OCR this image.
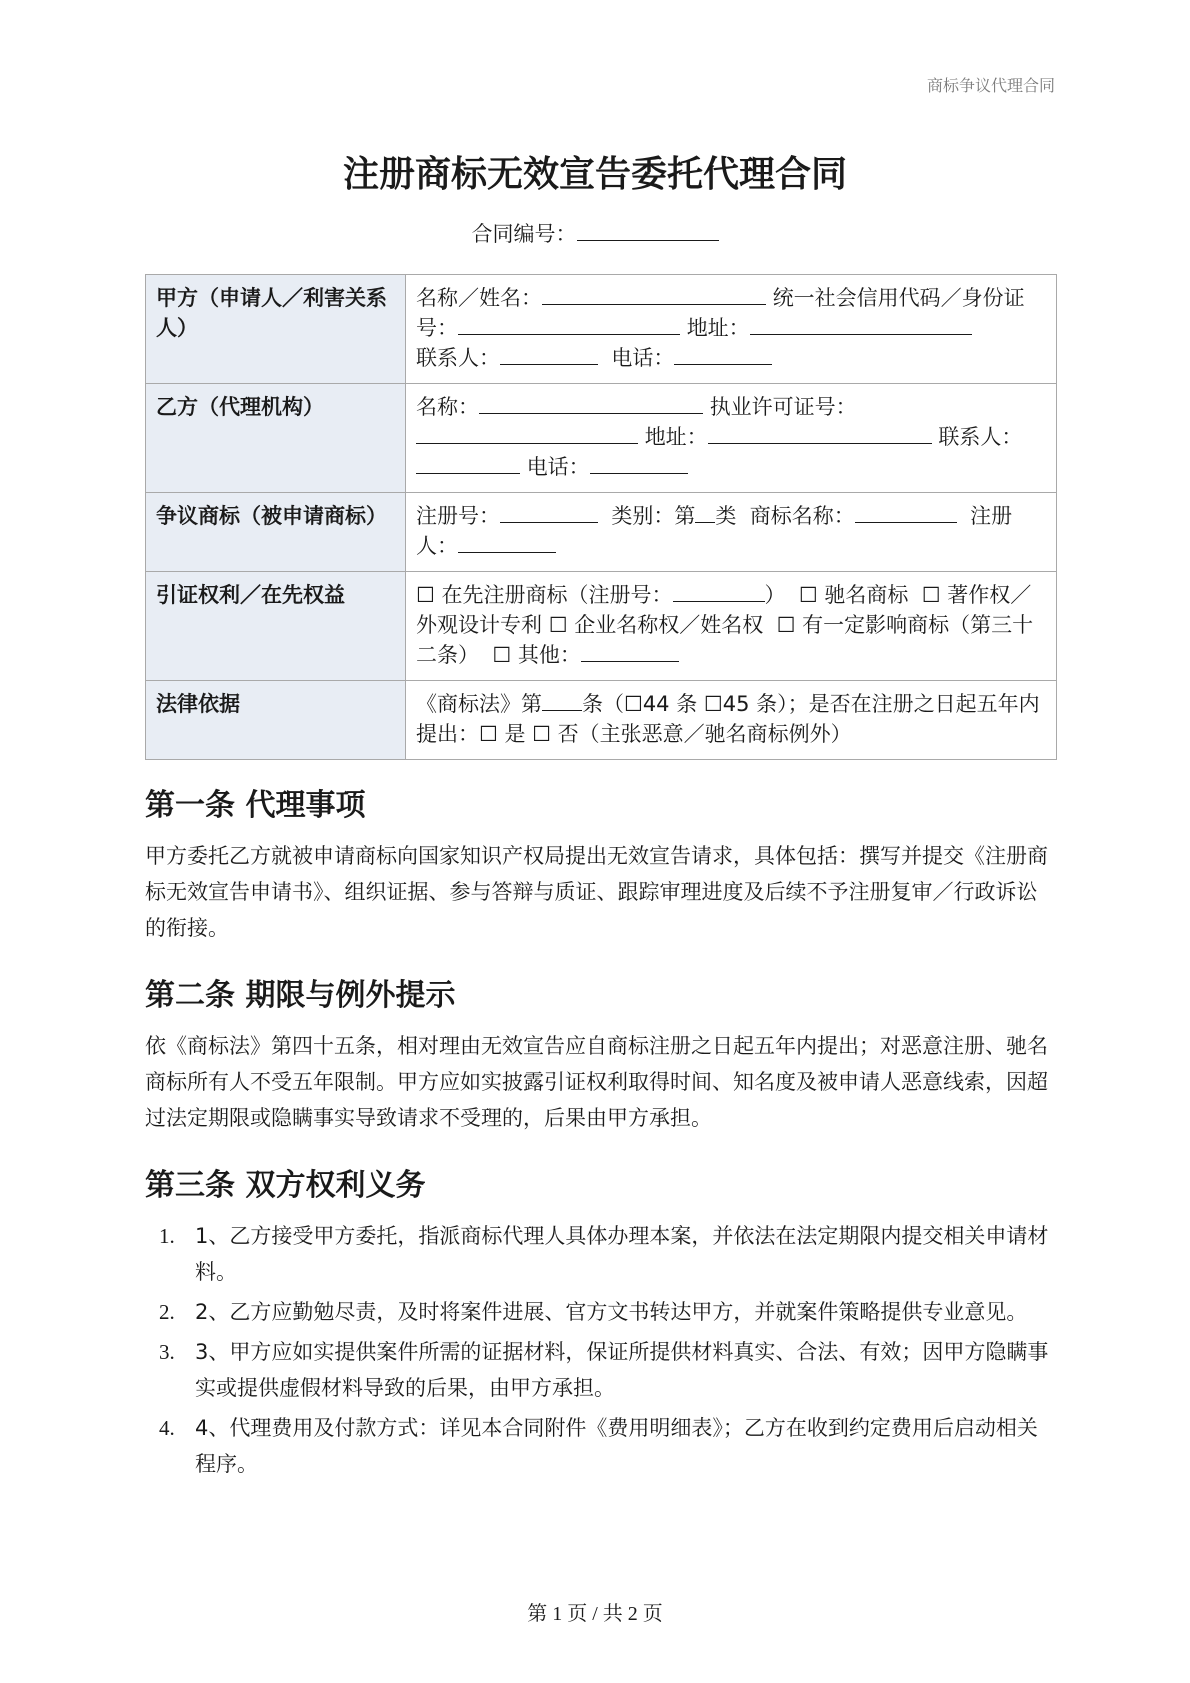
商标争议代理合同
注册商标无效宣告委托代理合同
合同编号：
甲方（申请人／利害关系人）	名称／姓名： 统一社会信用代码／身份证号： 地址：
联系人： 电话：
乙方（代理机构）	名称： 执业许可证号： 地址： 联系人： 电话：
争议商标（被申请商标）	注册号： 类别：第 类 商标名称： 注册人：
引证权利／在先权益	☐ 在先注册商标（注册号： ） ☐ 驰名商标 ☐ 著作权／外观设计专利 ☐ 企业名称权／姓名权 ☐ 有一定影响商标（第三十二条） ☐ 其他：
法律依据	《商标法》第 条（☐44 条 ☐45 条）；是否在注册之日起五年内提出：☐ 是 ☐ 否（主张恶意／驰名商标例外）
第一条 代理事项

甲方委托乙方就被申请商标向国家知识产权局提出无效宣告请求，具体包括：撰写并提交《注册商标无效宣告申请书》、组织证据、参与答辩与质证、跟踪审理进度及后续不予注册复审／行政诉讼的衔接。

第二条 期限与例外提示

依《商标法》第四十五条，相对理由无效宣告应自商标注册之日起五年内提出；对恶意注册、驰名商标所有人不受五年限制。甲方应如实披露引证权利取得时间、知名度及被申请人恶意线索，因超过法定期限或隐瞒事实导致请求不受理的，后果由甲方承担。

第三条 双方权利义务
1. 1、乙方接受甲方委托，指派商标代理人具体办理本案，并依法在法定期限内提交相关申请材料。
2. 2、乙方应勤勉尽责，及时将案件进展、官方文书转达甲方，并就案件策略提供专业意见。
3. 3、甲方应如实提供案件所需的证据材料，保证所提供材料真实、合法、有效；因甲方隐瞒事实或提供虚假材料导致的后果，由甲方承担。
4. 4、代理费用及付款方式：详见本合同附件《费用明细表》；乙方在收到约定费用后启动相关程序。
第 1 页 / 共 2 页
